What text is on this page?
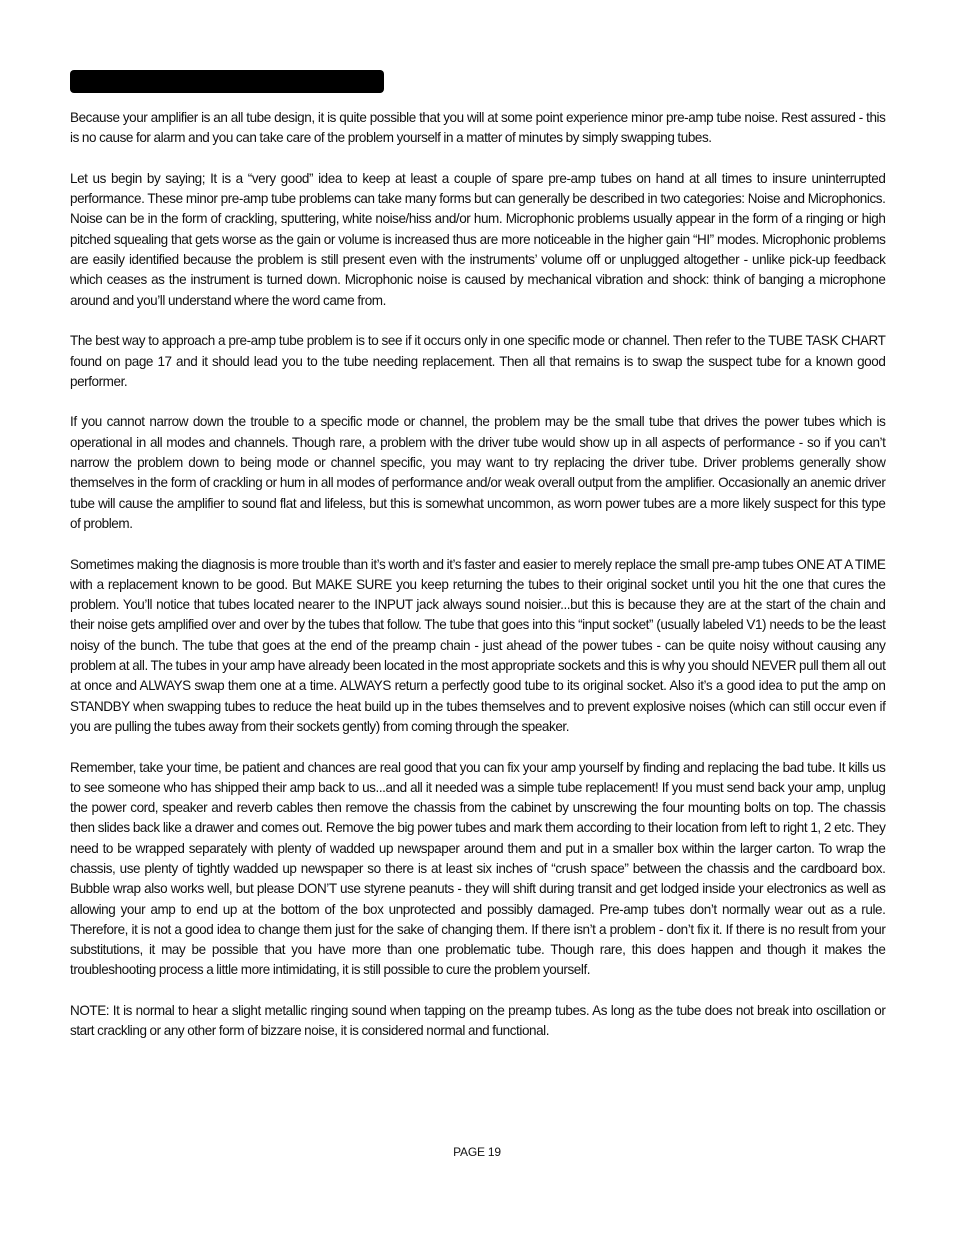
Because your amplifier is an all tube design, it is quite possible that you will at some point experience minor pre-amp tube noise. Rest assured - this is no cause for alarm and you can take care of the problem yourself in a matter of minutes by simply swapping tubes.

Let us begin by saying; It is a “very good” idea to keep at least a couple of spare pre-amp tubes on hand at all times to insure uninterrupted performance. These minor pre-amp tube problems can take many forms but can generally be described in two categories: Noise and Microphonics. Noise can be in the form of crackling, sputtering, white noise/hiss and/or hum. Microphonic problems usually appear in the form of a ringing or high pitched squealing that gets worse as the gain or volume is increased thus are more noticeable in the higher gain “HI” modes. Microphonic problems are easily identified because the problem is still present even with the instruments’ volume off or unplugged altogether - unlike pick-up feedback which ceases as the instrument is turned down. Microphonic noise is caused by mechanical vibration and shock: think of banging a microphone around and you’ll understand where the word came from.

The best way to approach a pre-amp tube problem is to see if it occurs only in one specific mode or channel. Then refer to the TUBE TASK CHART found on page 17 and it should lead you to the tube needing replacement. Then all that remains is to swap the suspect tube for a known good performer.

If you cannot narrow down the trouble to a specific mode or channel, the problem may be the small tube that drives the power tubes which is operational in all modes and channels. Though rare, a problem with the driver tube would show up in all aspects of performance - so if you can’t narrow the problem down to being mode or channel specific, you may want to try replacing the driver tube. Driver problems generally show themselves in the form of crackling or hum in all modes of performance and/or weak overall output from the amplifier. Occasionally an anemic driver tube will cause the amplifier to sound flat and lifeless, but this is somewhat uncommon, as worn power tubes are a more likely suspect for this type of problem.

Sometimes making the diagnosis is more trouble than it’s worth and it’s faster and easier to merely replace the small pre-amp tubes ONE AT A TIME with a replacement known to be good. But MAKE SURE you keep returning the tubes to their original socket until you hit the one that cures the problem. You’ll notice that tubes located nearer to the INPUT jack always sound noisier...but this is because they are at the start of the chain and their noise gets amplified over and over by the tubes that follow. The tube that goes into this “input socket” (usually labeled V1) needs to be the least noisy of the bunch. The tube that goes at the end of the preamp chain - just ahead of the power tubes - can be quite noisy without causing any problem at all. The tubes in your amp have already been located in the most appropriate sockets and this is why you should NEVER pull them all out at once and ALWAYS swap them one at a time. ALWAYS return a perfectly good tube to its original socket. Also it’s a good idea to put the amp on STANDBY when swapping tubes to reduce the heat build up in the tubes themselves and to prevent explosive noises (which can still occur even if you are pulling the tubes away from their sockets gently) from coming through the speaker.

Remember, take your time, be patient and chances are real good that you can fix your amp yourself by finding and replacing the bad tube. It kills us to see someone who has shipped their amp back to us...and all it needed was a simple tube replacement! If you must send back your amp, unplug the power cord, speaker and reverb cables then remove the chassis from the cabinet by unscrewing the four mounting bolts on top. The chassis then slides back like a drawer and comes out. Remove the big power tubes and mark them according to their location from left to right 1, 2 etc. They need to be wrapped separately with plenty of wadded up newspaper around them and put in a smaller box within the larger carton. To wrap the chassis, use plenty of tightly wadded up newspaper so there is at least six inches of “crush space” between the chassis and the cardboard box. Bubble wrap also works well, but please DON’T use styrene peanuts - they will shift during transit and get lodged inside your electronics as well as allowing your amp to end up at the bottom of the box unprotected and possibly damaged. Pre-amp tubes don’t normally wear out as a rule. Therefore, it is not a good idea to change them just for the sake of changing them. If there isn’t a problem - don’t fix it. If there is no result from your substitutions, it may be possible that you have more than one problematic tube. Though rare, this does happen and though it makes the troubleshooting process a little more intimidating, it is still possible to cure the problem yourself.

NOTE: It is normal to hear a slight metallic ringing sound when tapping on the preamp tubes. As long as the tube does not break into oscillation or start crackling or any other form of bizzare noise, it is considered normal and functional.

PAGE 19
